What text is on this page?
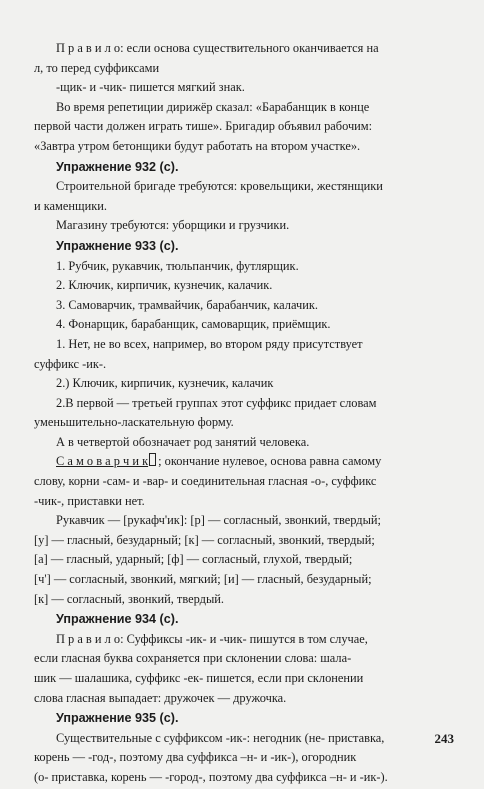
П р а в и л о: если основа существительного оканчивается на

л, то перед суффиксами

-щик- и -чик- пишется мягкий знак.

Во время репетиции дирижёр сказал: «Барабанщик в конце

первой части должен играть тише». Бригадир объявил рабочим:

«Завтра утром бетонщики будут работать на втором участке».

Упражнение 932 (с).

Строительной бригаде требуются: кровельщики, жестянщики

и каменщики.

Магазину требуются: уборщики и грузчики.

Упражнение 933 (с).

1. Рубчик, рукавчик, тюльпанчик, футлярщик.

2. Ключик, кирпичик, кузнечик, калачик.

3. Самоварчик, трамвайчик, барабанчик, калачик.

4. Фонарщик, барабанщик, самоварщик, приёмщик.

1. Нет, не во всех, например, во втором ряду присутствует

суффикс -ик-.

2.) Ключик, кирпичик, кузнечик, калачик

2.В первой — третьей группах этот суффикс придает словам

уменьшительно-ласкательную форму.

А в четвертой обозначает род занятий человека.

С а м о в а р ч и к ; окончание нулевое, основа равна самому

слову, корни -сам- и -вар- и соединительная гласная -о-, суффикс

-чик-, приставки нет.

Рукавчик — [рукафч'ик]: [р] — согласный, звонкий, твердый;

[у] — гласный, безударный; [к] — согласный, звонкий, твердый;

[а] — гласный, ударный; [ф] — согласный, глухой, твердый;

[ч'] — согласный, звонкий, мягкий; [и] — гласный, безударный;

[к] — согласный, звонкий, твердый.

Упражнение 934 (с).

П р а в и л о: Суффиксы -ик- и -чик- пишутся в том случае,

если гласная буква сохраняется при склонении слова: шала-

шик — шалашика, суффикс -ек- пишется, если при склонении

слова гласная выпадает: дружочек — дружочка.

Упражнение 935 (с).

Существительные с суффиксом -ик-: негодник (не- приставка,

корень — -год-, поэтому два суффикса –н- и -ик-), огородник

(о- приставка, корень — -город-, поэтому два суффикса –н- и -ик-).

243
